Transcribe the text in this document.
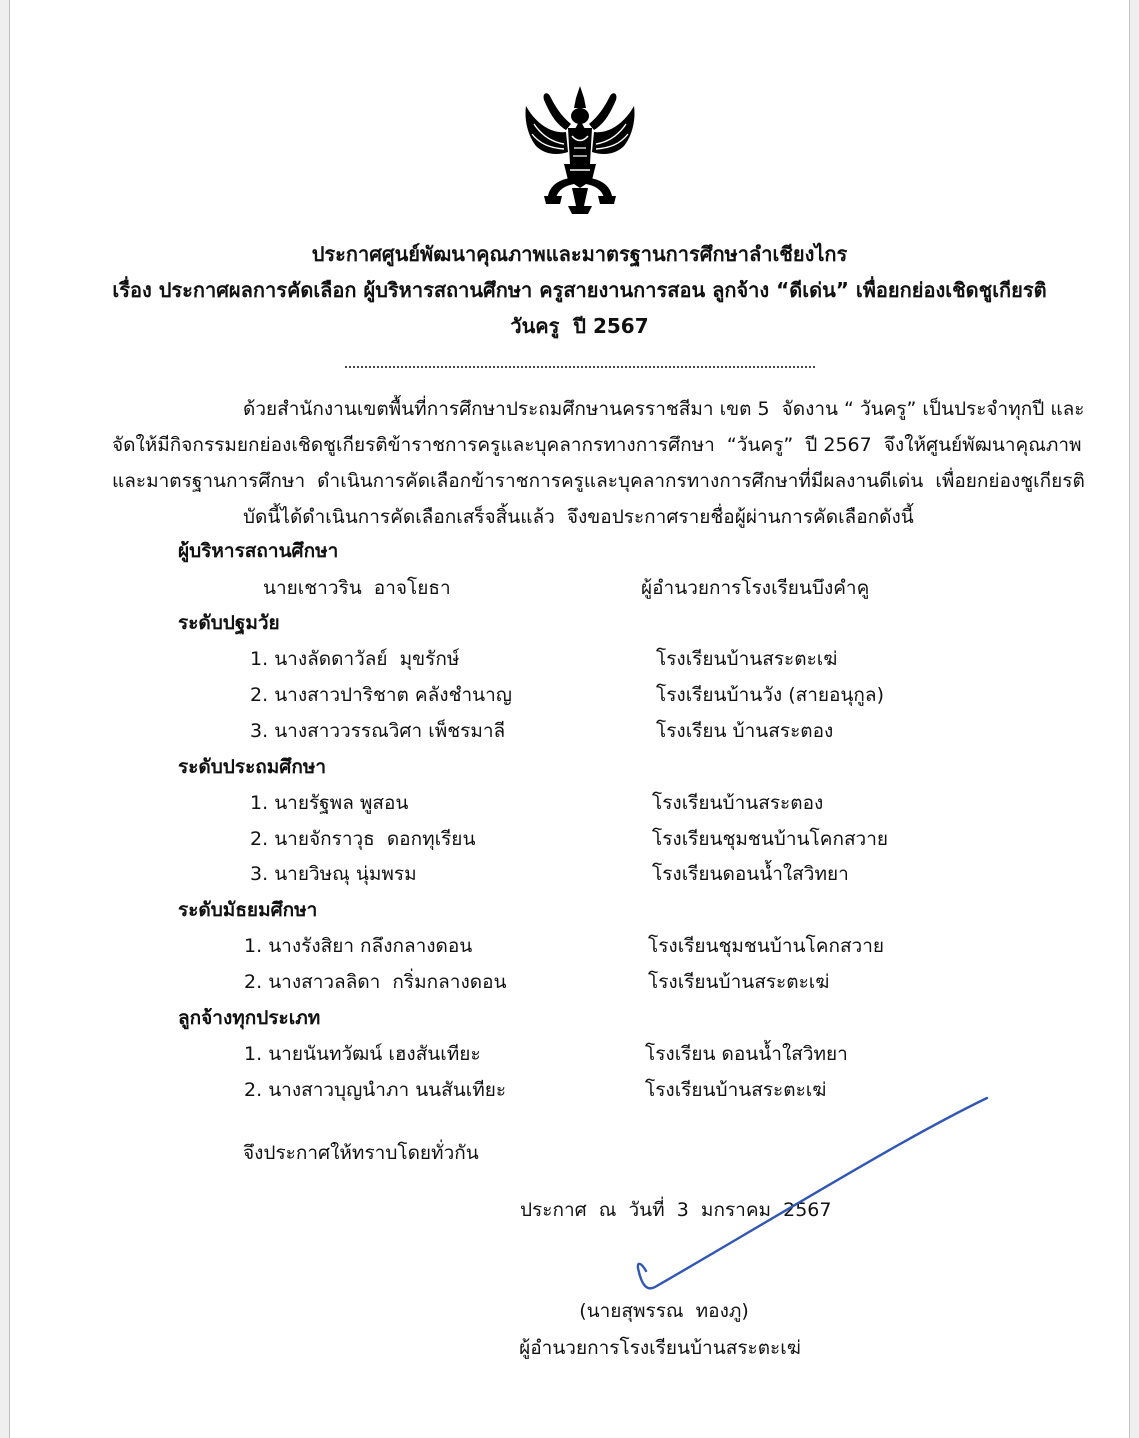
ประกาศศูนย์พัฒนาคุณภาพและมาตรฐานการศึกษาลำเชียงไกร
เรื่อง ประกาศผลการคัดเลือก ผู้บริหารสถานศึกษา ครูสายงานการสอน ลูกจ้าง “ดีเด่น” เพื่อยกย่องเชิดชูเกียรติ
วันครู  ปี 2567
ด้วยสำนักงานเขตพื้นที่การศึกษาประถมศึกษานครราชสีมา เขต 5  จัดงาน “ วันครู” เป็นประจำทุกปี และ
จัดให้มีกิจกรรมยกย่องเชิดชูเกียรติข้าราชการครูและบุคลากรทางการศึกษา  “วันครู”  ปี 2567  จึงให้ศูนย์พัฒนาคุณภาพ
และมาตรฐานการศึกษา  ดำเนินการคัดเลือกข้าราชการครูและบุคลากรทางการศึกษาที่มีผลงานดีเด่น  เพื่อยกย่องชูเกียรติ
บัดนี้ได้ดำเนินการคัดเลือกเสร็จสิ้นแล้ว  จึงขอประกาศรายชื่อผู้ผ่านการคัดเลือกดังนี้
ผู้บริหารสถานศึกษา
นายเชาวริน  อาจโยธา	ผู้อำนวยการโรงเรียนบึงคำคู
ระดับปฐมวัย
1. นางลัดดาวัลย์  มุขรักษ์	โรงเรียนบ้านสระตะเฆ่
2. นางสาวปาริชาต คลังชำนาญ	โรงเรียนบ้านวัง (สายอนุกูล)
3. นางสาววรรณวิศา เพ็ชรมาลี	โรงเรียน บ้านสระตอง
ระดับประถมศึกษา
1. นายรัฐพล พูสอน	โรงเรียนบ้านสระตอง
2. นายจักราวุธ  ดอกทุเรียน	โรงเรียนชุมชนบ้านโคกสวาย
3. นายวิษณุ นุ่มพรม	โรงเรียนดอนน้ำใสวิทยา
ระดับมัธยมศึกษา
1. นางรังสิยา กลึงกลางดอน	โรงเรียนชุมชนบ้านโคกสวาย
2. นางสาวลลิดา  กริ่มกลางดอน	โรงเรียนบ้านสระตะเฆ่
ลูกจ้างทุกประเภท
1. นายนันทวัฒน์ เฮงสันเทียะ	โรงเรียน ดอนน้ำใสวิทยา
2. นางสาวบุญนำภา นนสันเทียะ	โรงเรียนบ้านสระตะเฆ่
จึงประกาศให้ทราบโดยทั่วกัน
ประกาศ  ณ  วันที่  3  มกราคม  2567
(นายสุพรรณ  ทองภู)
ผู้อำนวยการโรงเรียนบ้านสระตะเฆ่
